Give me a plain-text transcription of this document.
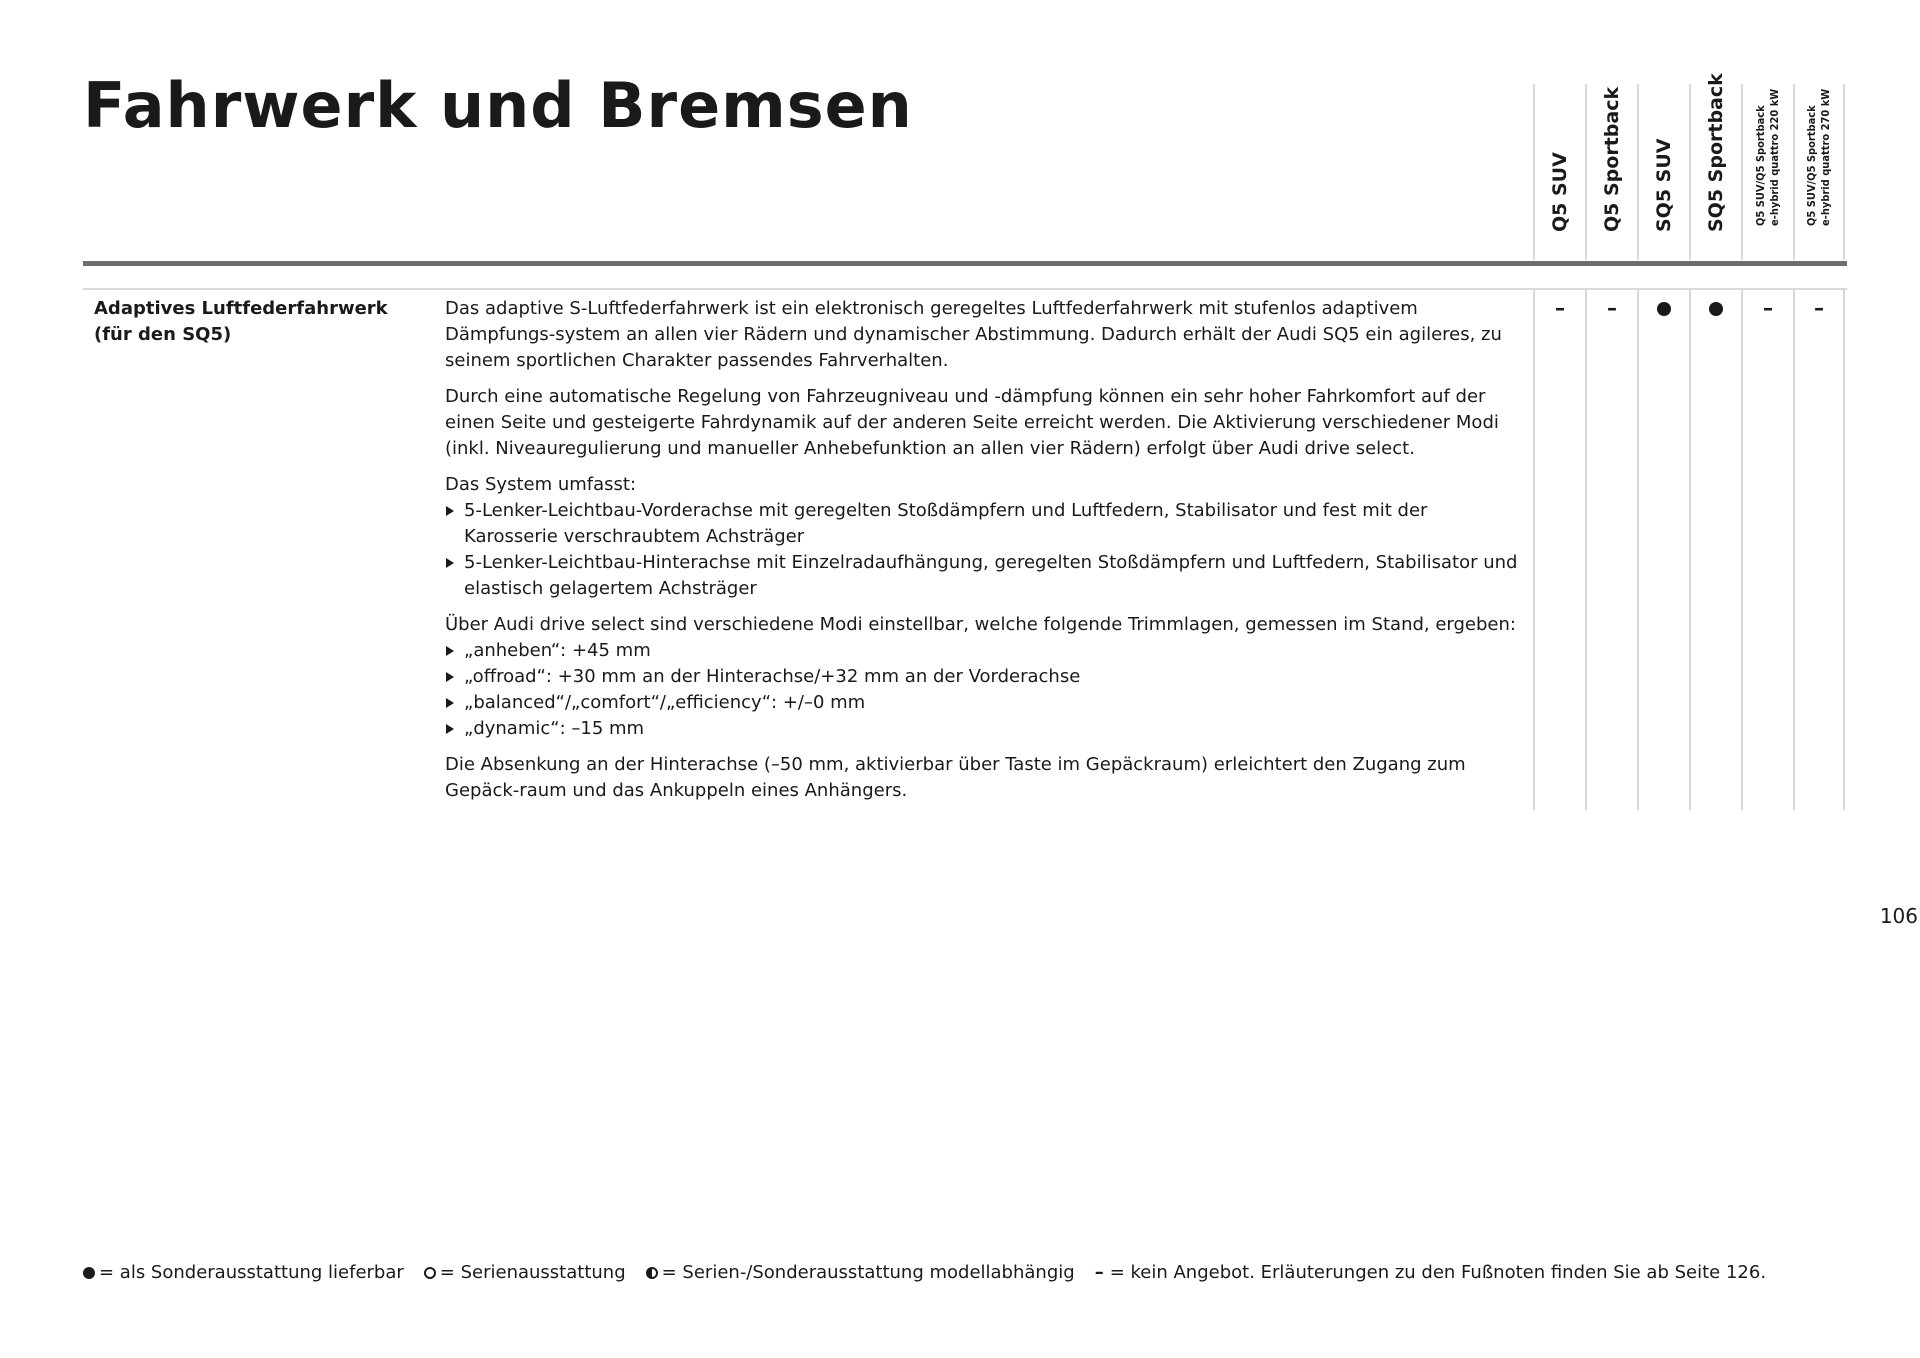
Fahrwerk und Bremsen
Q5 SUV Q5 Sportback SQ5 SUV SQ5 Sportback Q5 SUV/Q5 Sportback
e-hybrid quattro 220 kW
Q5 SUV/Q5 Sportback
e-hybrid quattro 270 kW
Adaptives Luftfederfahrwerk (für den SQ5)

Das adaptive S-Luftfederfahrwerk ist ein elektronisch geregeltes Luftfederfahrwerk mit stufenlos adaptivem Dämpfungs-system an allen vier Rädern und dynamischer Abstimmung. Dadurch erhält der Audi SQ5 ein agileres, zu seinem sportlichen Charakter passendes Fahrverhalten.

Durch eine automatische Regelung von Fahrzeugniveau und -dämpfung können ein sehr hoher Fahrkomfort auf der einen Seite und gesteigerte Fahrdynamik auf der anderen Seite erreicht werden. Die Aktivierung verschiedener Modi (inkl. Niveauregulierung und manueller Anhebefunktion an allen vier Rädern) erfolgt über Audi drive select.

Das System umfasst:

5-Lenker-Leichtbau-Vorderachse mit geregelten Stoßdämpfern und Luftfedern, Stabilisator und fest mit der Karosserie verschraubtem Achsträger
5-Lenker-Leichtbau-Hinterachse mit Einzelradaufhängung, geregelten Stoßdämpfern und Luftfedern, Stabilisator und elastisch gelagertem Achsträger

Über Audi drive select sind verschiedene Modi einstellbar, welche folgende Trimmlagen, gemessen im Stand, ergeben:

„anheben“: +45 mm
„offroad“: +30 mm an der Hinterachse/+32 mm an der Vorderachse
„balanced“/„comfort“/„efficiency“: +/–0 mm
„dynamic“: –15 mm

Die Absenkung an der Hinterachse (–50 mm, aktivierbar über Taste im Gepäckraum) erleichtert den Zugang zum Gepäck-raum und das Ankuppeln eines Anhängers.

– –	– –
106
= als Sonderausstattung lieferbar = Serienausstattung = Serien-/Sonderausstattung modellabhängig – = kein Angebot. Erläuterungen zu den Fußnoten finden Sie ab Seite 126.
